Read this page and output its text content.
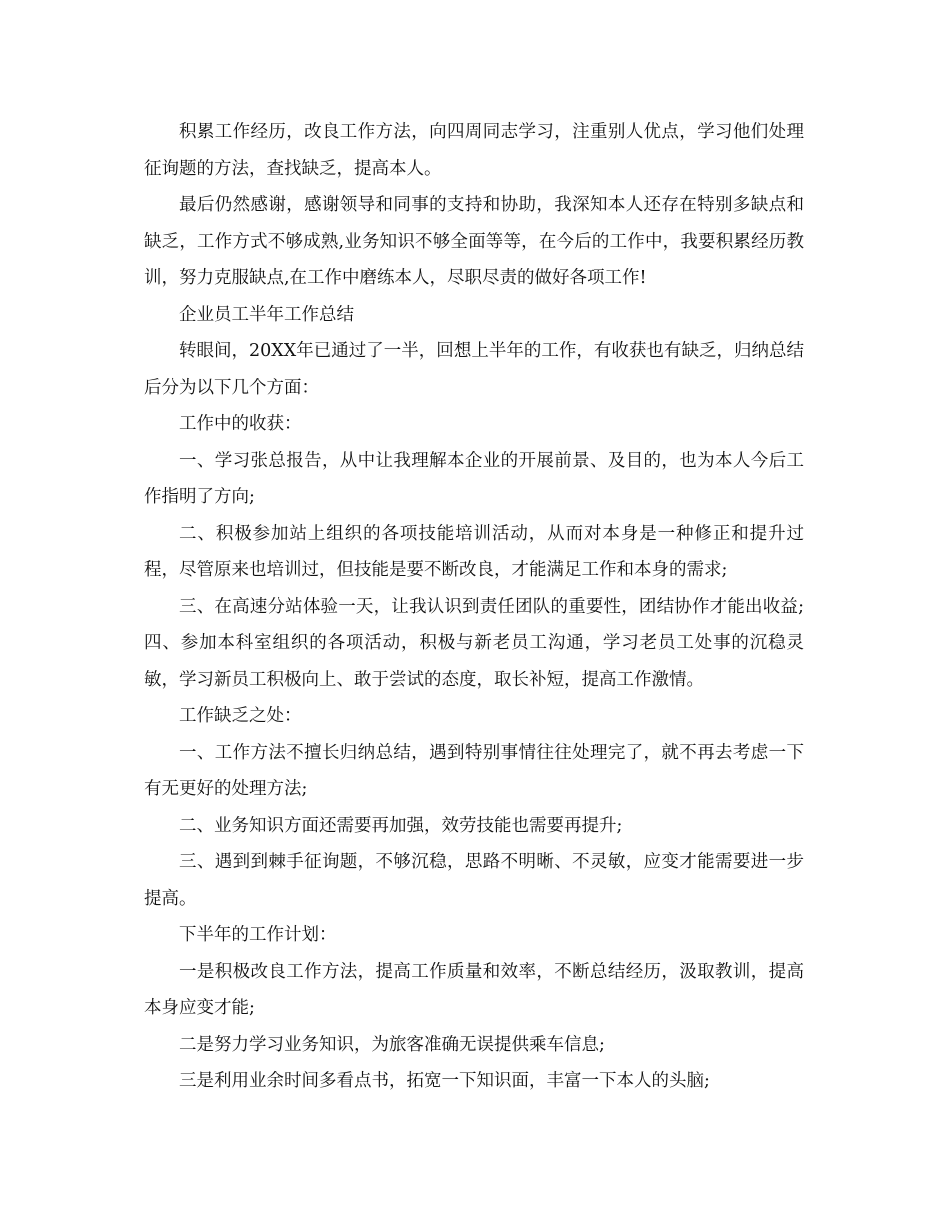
积累工作经历，改良工作方法，向四周同志学习，注重别人优点，学习他们处理征询题的方法，查找缺乏，提高本人。

最后仍然感谢，感谢领导和同事的支持和协助，我深知本人还存在特别多缺点和缺乏，工作方式不够成熟,业务知识不够全面等等，在今后的工作中，我要积累经历教训，努力克服缺点,在工作中磨练本人，尽职尽责的做好各项工作!

企业员工半年工作总结

转眼间，20XX年已通过了一半，回想上半年的工作，有收获也有缺乏，归纳总结后分为以下几个方面：

工作中的收获：

一、学习张总报告，从中让我理解本企业的开展前景、及目的，也为本人今后工作指明了方向;

二、积极参加站上组织的各项技能培训活动，从而对本身是一种修正和提升过程，尽管原来也培训过，但技能是要不断改良，才能满足工作和本身的需求;

三、在高速分站体验一天，让我认识到责任团队的重要性，团结协作才能出收益;四、参加本科室组织的各项活动，积极与新老员工沟通，学习老员工处事的沉稳灵敏，学习新员工积极向上、敢于尝试的态度，取长补短，提高工作激情。

工作缺乏之处：

一、工作方法不擅长归纳总结，遇到特别事情往往处理完了，就不再去考虑一下有无更好的处理方法;

二、业务知识方面还需要再加强，效劳技能也需要再提升;

三、遇到到棘手征询题，不够沉稳，思路不明晰、不灵敏，应变才能需要进一步提高。

下半年的工作计划：

一是积极改良工作方法，提高工作质量和效率，不断总结经历，汲取教训，提高本身应变才能;

二是努力学习业务知识，为旅客准确无误提供乘车信息;

三是利用业余时间多看点书，拓宽一下知识面，丰富一下本人的头脑;
